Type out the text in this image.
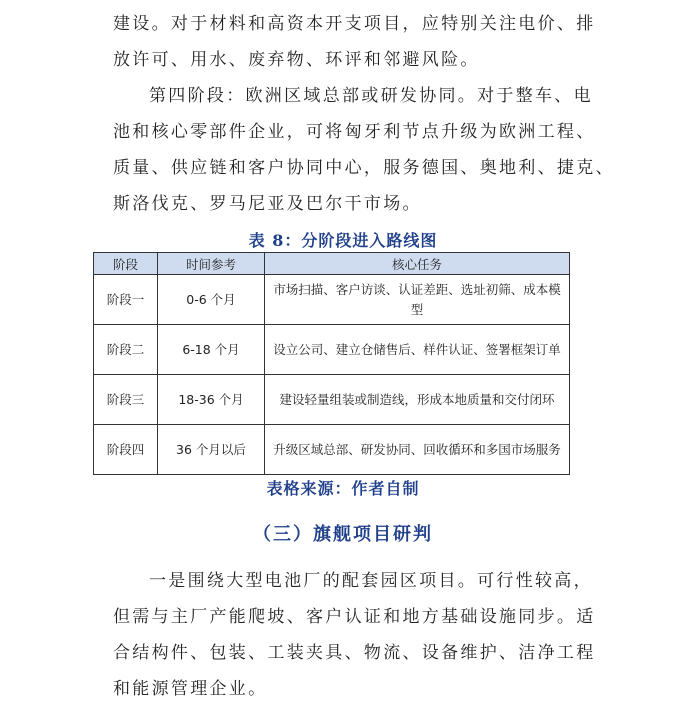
建设。对于材料和高资本开支项目，应特别关注电价、排
放许可、用水、废弃物、环评和邻避风险。

第四阶段：欧洲区域总部或研发协同。对于整车、电
池和核心零部件企业，可将匈牙利节点升级为欧洲工程、
质量、供应链和客户协同中心，服务德国、奥地利、捷克、
斯洛伐克、罗马尼亚及巴尔干市场。

表 8：分阶段进入路线图
阶段	时间参考	核心任务
阶段一	0-6 个月	市场扫描、客户访谈、认证差距、选址初筛、成本模型
阶段二	6-18 个月	设立公司、建立仓储售后、样件认证、签署框架订单
阶段三	18-36 个月	建设轻量组装或制造线，形成本地质量和交付闭环
阶段四	36 个月以后	升级区域总部、研发协同、回收循环和多国市场服务
表格来源：作者自制
（三）旗舰项目研判

一是围绕大型电池厂的配套园区项目。可行性较高，
但需与主厂产能爬坡、客户认证和地方基础设施同步。适
合结构件、包装、工装夹具、物流、设备维护、洁净工程
和能源管理企业。
